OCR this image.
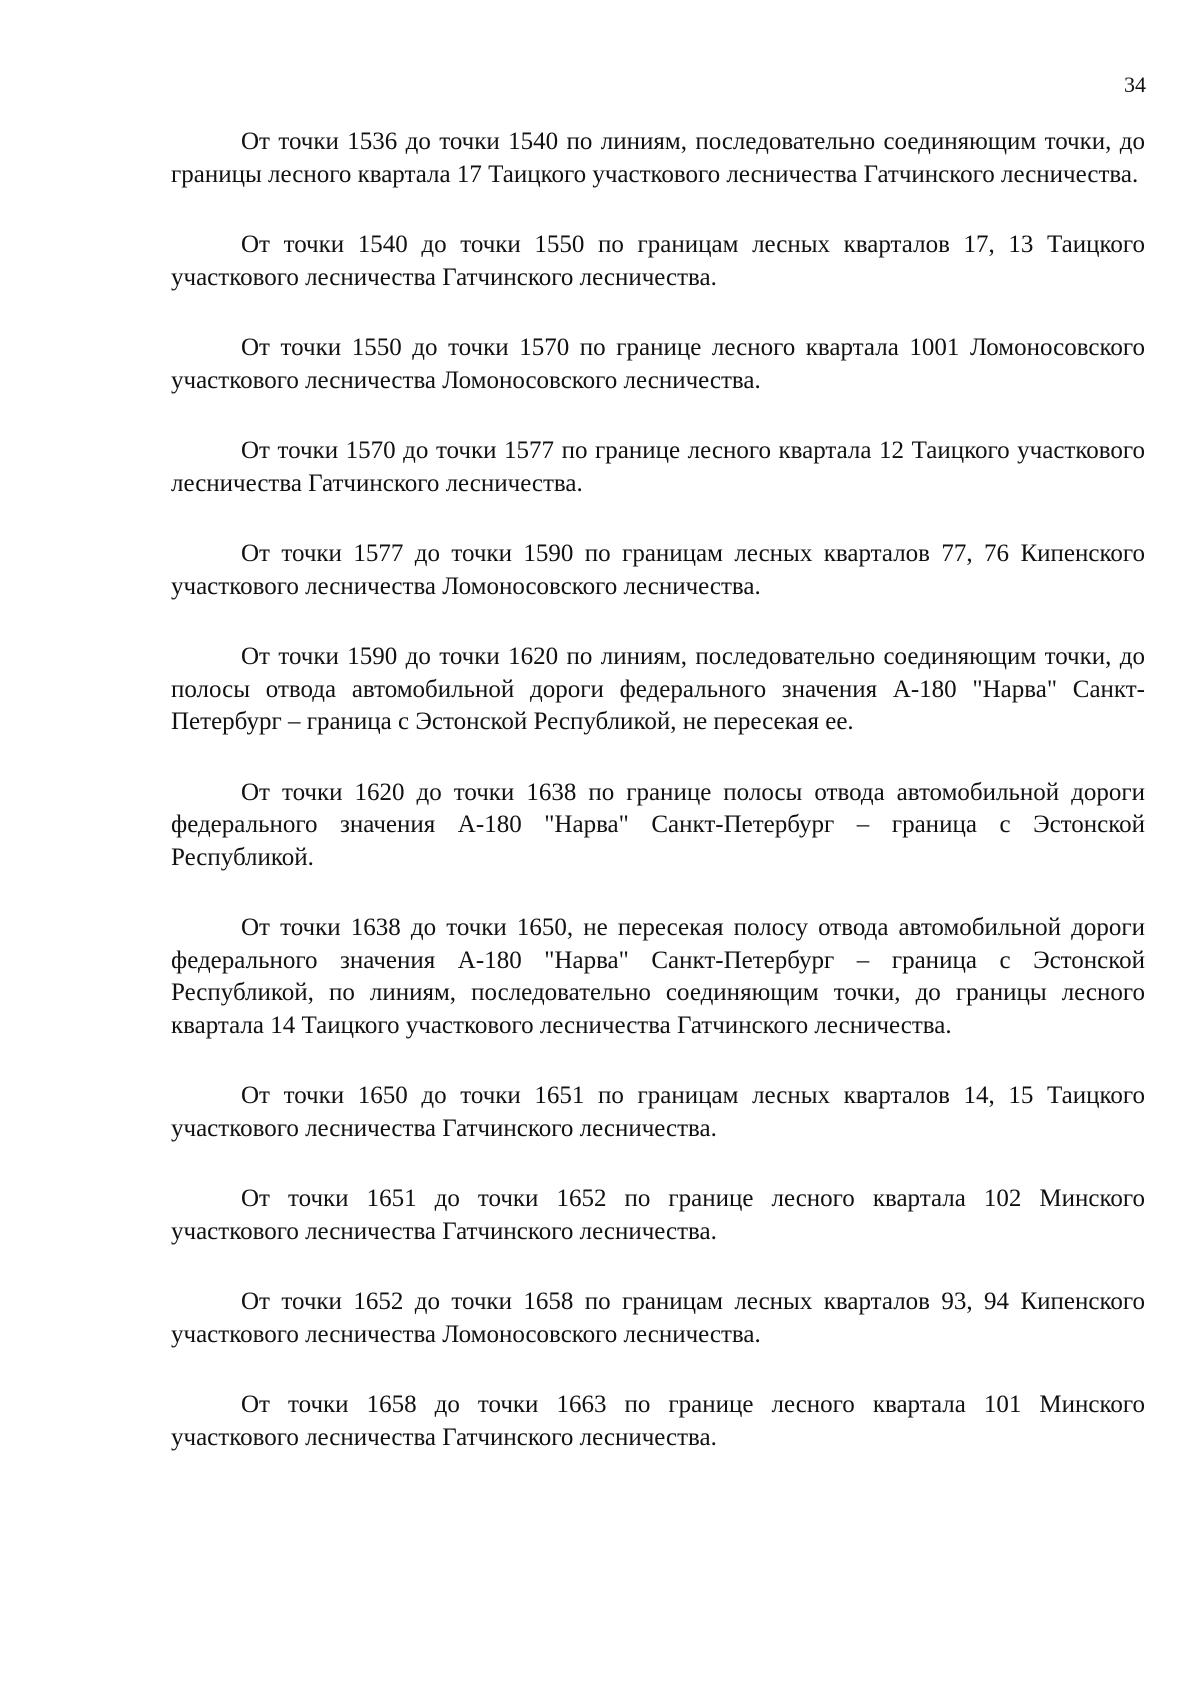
34

От точки 1536 до точки 1540 по линиям, последовательно соединяющим точки, до границы лесного квартала 17 Таицкого участкового лесничества Гатчинского лесничества.

От точки 1540 до точки 1550 по границам лесных кварталов 17, 13 Таицкого участкового лесничества Гатчинского лесничества.

От точки 1550 до точки 1570 по границе лесного квартала 1001 Ломоносовского участкового лесничества Ломоносовского лесничества.

От точки 1570 до точки 1577 по границе лесного квартала 12 Таицкого участкового лесничества Гатчинского лесничества.

От точки 1577 до точки 1590 по границам лесных кварталов 77, 76 Кипенского участкового лесничества Ломоносовского лесничества.

От точки 1590 до точки 1620 по линиям, последовательно соединяющим точки, до полосы отвода автомобильной дороги федерального значения А-180 "Нарва" Санкт-Петербург – граница с Эстонской Республикой, не пересекая ее.

От точки 1620 до точки 1638 по границе полосы отвода автомобильной дороги федерального значения А-180 "Нарва" Санкт-Петербург – граница с Эстонской Республикой.

От точки 1638 до точки 1650, не пересекая полосу отвода автомобильной дороги федерального значения А-180 "Нарва" Санкт-Петербург – граница с Эстонской Республикой, по линиям, последовательно соединяющим точки, до границы лесного квартала 14 Таицкого участкового лесничества Гатчинского лесничества.

От точки 1650 до точки 1651 по границам лесных кварталов 14, 15 Таицкого участкового лесничества Гатчинского лесничества.

От точки 1651 до точки 1652 по границе лесного квартала 102 Минского участкового лесничества Гатчинского лесничества.

От точки 1652 до точки 1658 по границам лесных кварталов 93, 94 Кипенского участкового лесничества Ломоносовского лесничества.

От точки 1658 до точки 1663 по границе лесного квартала 101 Минского участкового лесничества Гатчинского лесничества.
